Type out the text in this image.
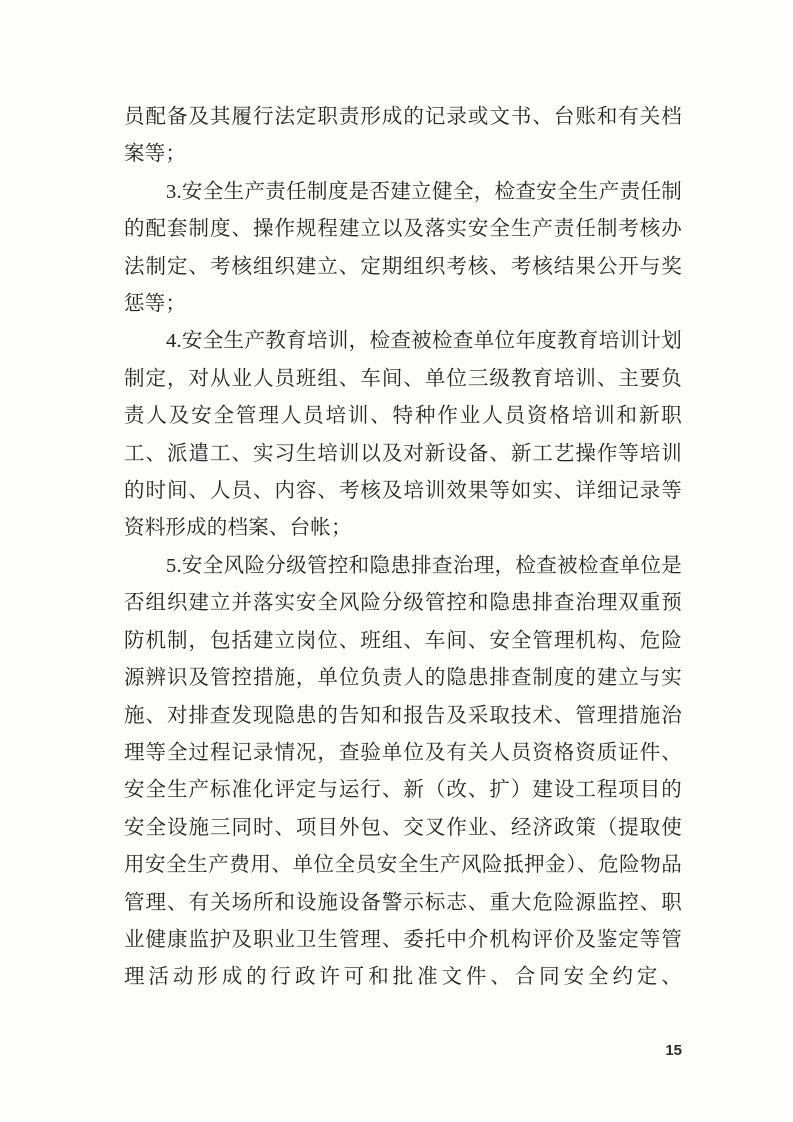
员配备及其履行法定职责形成的记录或文书、台账和有关档案等；

3.安全生产责任制度是否建立健全，检查安全生产责任制的配套制度、操作规程建立以及落实安全生产责任制考核办法制定、考核组织建立、定期组织考核、考核结果公开与奖惩等；

4.安全生产教育培训，检查被检查单位年度教育培训计划制定，对从业人员班组、车间、单位三级教育培训、主要负责人及安全管理人员培训、特种作业人员资格培训和新职工、派遣工、实习生培训以及对新设备、新工艺操作等培训的时间、人员、内容、考核及培训效果等如实、详细记录等资料形成的档案、台帐；

5.安全风险分级管控和隐患排查治理，检查被检查单位是否组织建立并落实安全风险分级管控和隐患排查治理双重预防机制，包括建立岗位、班组、车间、安全管理机构、危险源辨识及管控措施，单位负责人的隐患排查制度的建立与实施、对排查发现隐患的告知和报告及采取技术、管理措施治理等全过程记录情况，查验单位及有关人员资格资质证件、安全生产标准化评定与运行、新（改、扩）建设工程项目的安全设施三同时、项目外包、交叉作业、经济政策（提取使用安全生产费用、单位全员安全生产风险抵押金）、危险物品管理、有关场所和设施设备警示标志、重大危险源监控、职业健康监护及职业卫生管理、委托中介机构评价及鉴定等管理活动形成的行政许可和批准文件、合同安全约定、

15
